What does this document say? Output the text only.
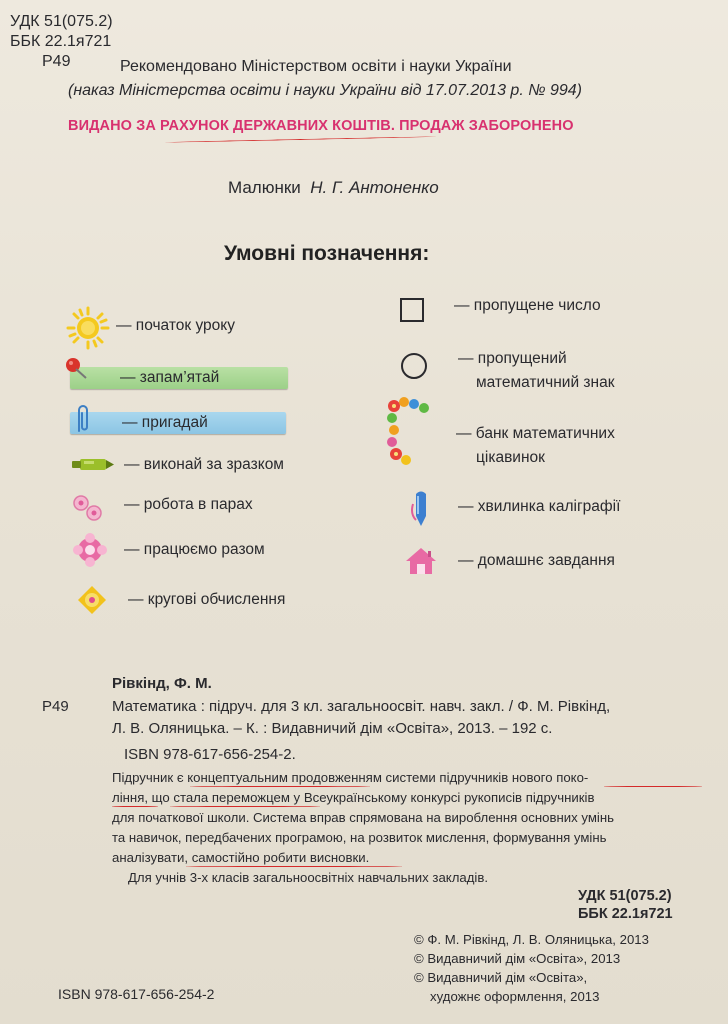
УДК 51(075.2)
ББК 22.1я721
Р49	Рекомендовано Міністерством освіти і науки України
(наказ Міністерства освіти і науки України від 17.07.2013 р. № 994)
ВИДАНО ЗА РАХУНОК ДЕРЖАВНИХ КОШТІВ. ПРОДАЖ ЗАБОРОНЕНО
Малюнки Н. Г. Антоненко
Умовні позначення:
— початок уроку
— запам’ятай
— пригадай
— виконай за зразком
— робота в парах
— працюємо разом
— кругові обчислення
— пропущене число
— пропущений
математичний знак
— банк математичних
цікавинок
— хвилинка каліграфії
— домашнє завдання
Рівкінд, Ф. М.
Р49	Математика : підруч. для 3 кл. загальноосвіт. навч. закл. / Ф. М. Рівкінд,
Л. В. Оляницька. – К. : Видавничий дім «Освіта», 2013. – 192 с.
ISBN 978-617-656-254-2.
Підручник є концептуальним продовженням системи підручників нового поко-
ління, що стала переможцем у Всеукраїнському конкурсі рукописів підручників
для початкової школи. Система вправ спрямована на вироблення основних умінь
та навичок, передбачених програмою, на розвиток мислення, формування умінь
аналізувати, самостійно робити висновки.
Для учнів 3-х класів загальноосвітніх навчальних закладів.
УДК 51(075.2)
ББК 22.1я721
© Ф. М. Рівкінд, Л. В. Оляницька, 2013
© Видавничий дім «Освіта», 2013
© Видавничий дім «Освіта»,
художнє оформлення, 2013
ISBN 978-617-656-254-2
